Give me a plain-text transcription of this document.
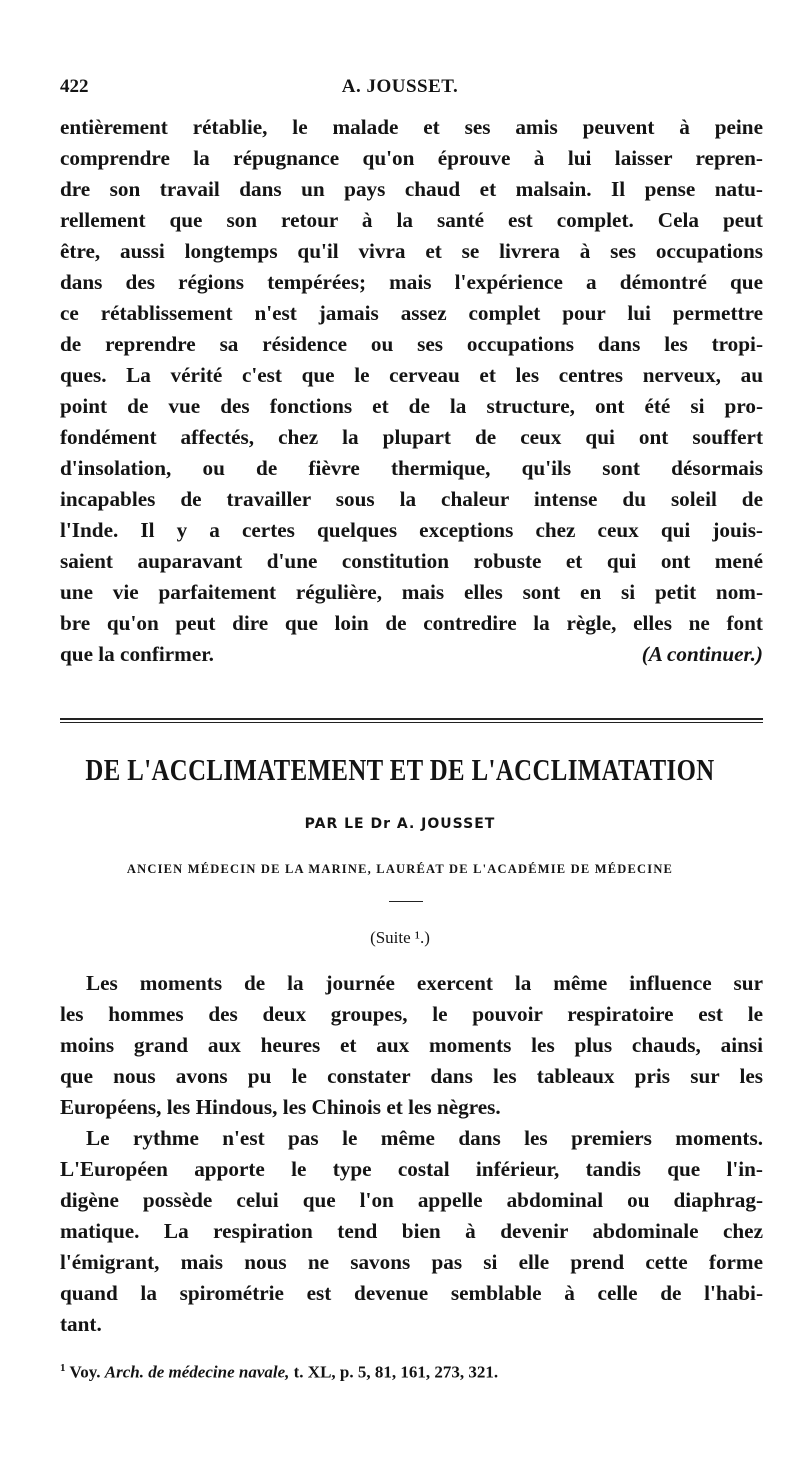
422	A. JOUSSET.
entièrement rétablie, le malade et ses amis peuvent à peine
comprendre la répugnance qu'on éprouve à lui laisser repren-
dre son travail dans un pays chaud et malsain. Il pense natu-
rellement que son retour à la santé est complet. Cela peut
être, aussi longtemps qu'il vivra et se livrera à ses occupations
dans des régions tempérées; mais l'expérience a démontré que
ce rétablissement n'est jamais assez complet pour lui permettre
de reprendre sa résidence ou ses occupations dans les tropi-
ques. La vérité c'est que le cerveau et les centres nerveux, au
point de vue des fonctions et de la structure, ont été si pro-
fondément affectés, chez la plupart de ceux qui ont souffert
d'insolation, ou de fièvre thermique, qu'ils sont désormais
incapables de travailler sous la chaleur intense du soleil de
l'Inde. Il y a certes quelques exceptions chez ceux qui jouis-
saient auparavant d'une constitution robuste et qui ont mené
une vie parfaitement régulière, mais elles sont en si petit nom-
bre qu'on peut dire que loin de contredire la règle, elles ne font
que la confirmer.	(A continuer.)
DE L'ACCLIMATEMENT ET DE L'ACCLIMATATION
PAR LE Dr A. JOUSSET
ANCIEN MÉDECIN DE LA MARINE, LAURÉAT DE L'ACADÉMIE DE MÉDECINE
(Suite ¹.)
Les moments de la journée exercent la même influence sur
les hommes des deux groupes, le pouvoir respiratoire est le
moins grand aux heures et aux moments les plus chauds, ainsi
que nous avons pu le constater dans les tableaux pris sur les
Européens, les Hindous, les Chinois et les nègres.
Le rythme n'est pas le même dans les premiers moments.
L'Européen apporte le type costal inférieur, tandis que l'in-
digène possède celui que l'on appelle abdominal ou diaphrag-
matique. La respiration tend bien à devenir abdominale chez
l'émigrant, mais nous ne savons pas si elle prend cette forme
quand la spirométrie est devenue semblable à celle de l'habi-
tant.
$^1$ Voy. Arch. de médecine navale, t. XL, p. 5, 81, 161, 273, 321.
